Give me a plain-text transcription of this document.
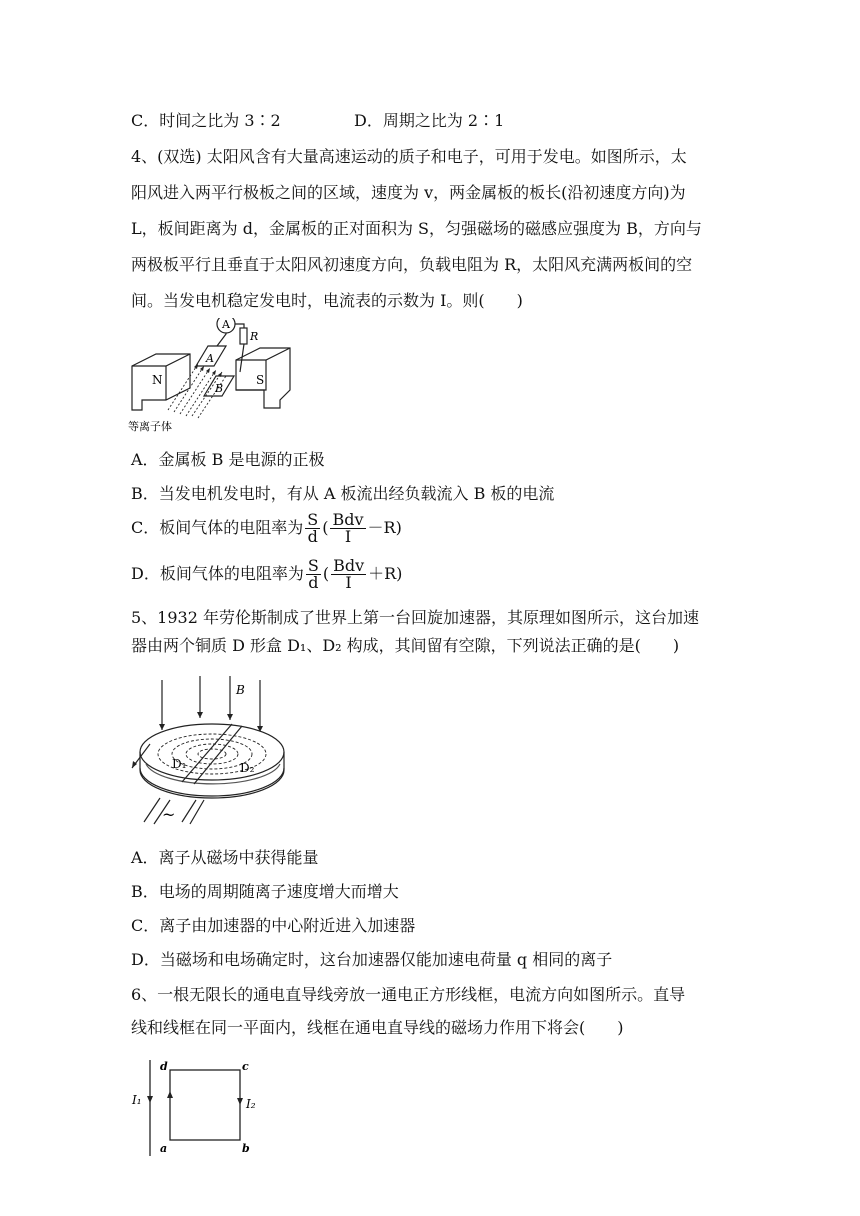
C．时间之比为 3∶2	D．周期之比为 2∶1
4、(双选) 太阳风含有大量高速运动的质子和电子，可用于发电。如图所示，太
阳风进入两平行极板之间的区域，速度为 v，两金属板的板长(沿初速度方向)为
L，板间距离为 d，金属板的正对面积为 S，匀强磁场的磁感应强度为 B，方向与
两极板平行且垂直于太阳风初速度方向，负载电阻为 R，太阳风充满两板间的空
间。当发电机稳定发电时，电流表的示数为 I。则(　　)
A
R
A
B
N	S
等离子体
A．金属板 B 是电源的正极
B．当发电机发电时，有从 A 板流出经负载流入 B 板的电流
C．板间气体的电阻率为 $\frac{S}{d}$ ( $\frac{\text{Bdv}}{I} -R$)
D．板间气体的电阻率为 $\frac{S}{d}$ ( $\frac{\text{Bdv}}{I} +R$)
5、1932 年劳伦斯制成了世界上第一台回旋加速器，其原理如图所示，这台加速
器由两个铜质 D 形盒 D₁、D₂ 构成，其间留有空隙，下列说法正确的是(　　)
B
D₁	D₂
~
A．离子从磁场中获得能量
B．电场的周期随离子速度增大而增大
C．离子由加速器的中心附近进入加速器
D．当磁场和电场确定时，这台加速器仅能加速电荷量 q 相同的离子
6、一根无限长的通电直导线旁放一通电正方形线框，电流方向如图所示。直导
线和线框在同一平面内，线框在通电直导线的磁场力作用下将会(　　)
I₁	I₂
d	c
a	b
